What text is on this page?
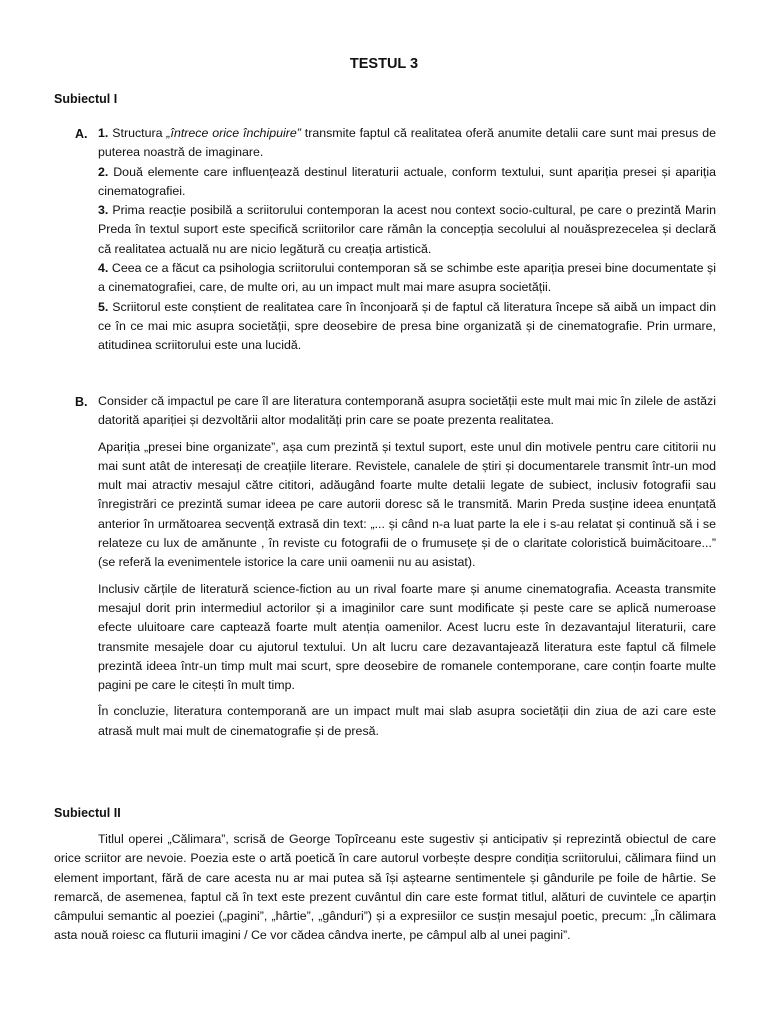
TESTUL 3
Subiectul I
A. 1. Structura „întrece orice închipuire” transmite faptul că realitatea oferă anumite detalii care sunt mai presus de puterea noastră de imaginare.

2. Două elemente care influențează destinul literaturii actuale, conform textului, sunt apariția presei și apariția cinematografiei.

3. Prima reacție posibilă a scriitorului contemporan la acest nou context socio-cultural, pe care o prezintă Marin Preda în textul suport este specifică scriitorilor care rămân la concepția secolului al nouăsprezecelea și declară că realitatea actuală nu are nicio legătură cu creația artistică.

4. Ceea ce a făcut ca psihologia scriitorului contemporan să se schimbe este apariția presei bine documentate și a cinematografiei, care, de multe ori, au un impact mult mai mare asupra societății.

5. Scriitorul este conștient de realitatea care în înconjoară și de faptul că literatura începe să aibă un impact din ce în ce mai mic asupra societății, spre deosebire de presa bine organizată și de cinematografie. Prin urmare, atitudinea scriitorului este una lucidă.

B. Consider că impactul pe care îl are literatura contemporană asupra societății este mult mai mic în zilele de astăzi datorită apariției și dezvoltării altor modalități prin care se poate prezenta realitatea.

Apariția „presei bine organizate”, așa cum prezintă și textul suport, este unul din motivele pentru care cititorii nu mai sunt atât de interesați de creațiile literare. Revistele, canalele de știri și documentarele transmit într-un mod mult mai atractiv mesajul către cititori, adăugând foarte multe detalii legate de subiect, inclusiv fotografii sau înregistrări ce prezintă sumar ideea pe care autorii doresc să le transmită. Marin Preda susține ideea enunțată anterior în următoarea secvență extrasă din text: „... și când n-a luat parte la ele i s-au relatat și continuă să i se relateze cu lux de amănunte , în reviste cu fotografii de o frumusețe și de o claritate coloristică buimăcitoare...” (se referă la evenimentele istorice la care unii oamenii nu au asistat).

Inclusiv cărțile de literatură science-fiction au un rival foarte mare și anume cinematografia. Aceasta transmite mesajul dorit prin intermediul actorilor și a imaginilor care sunt modificate și peste care se aplică numeroase efecte uluitoare care captează foarte mult atenția oamenilor. Acest lucru este în dezavantajul literaturii, care transmite mesajele doar cu ajutorul textului. Un alt lucru care dezavantajează literatura este faptul că filmele prezintă ideea într-un timp mult mai scurt, spre deosebire de romanele contemporane, care conțin foarte multe pagini pe care le citești în mult timp.

În concluzie, literatura contemporană are un impact mult mai slab asupra societății din ziua de azi care este atrasă mult mai mult de cinematografie și de presă.

Subiectul II

Titlul operei „Călimara”, scrisă de George Topîrceanu este sugestiv și anticipativ și reprezintă obiectul de care orice scriitor are nevoie. Poezia este o artă poetică în care autorul vorbește despre condiția scriitorului, călimara fiind un element important, fără de care acesta nu ar mai putea să își aștearne sentimentele și gândurile pe foile de hârtie. Se remarcă, de asemenea, faptul că în text este prezent cuvântul din care este format titlul, alături de cuvintele ce aparțin câmpului semantic al poeziei („pagini”, „hârtie”, „gânduri”) și a expresiilor ce susțin mesajul poetic, precum: „În călimara asta nouă roiesc ca fluturii imagini / Ce vor cădea cândva inerte, pe câmpul alb al unei pagini”.
